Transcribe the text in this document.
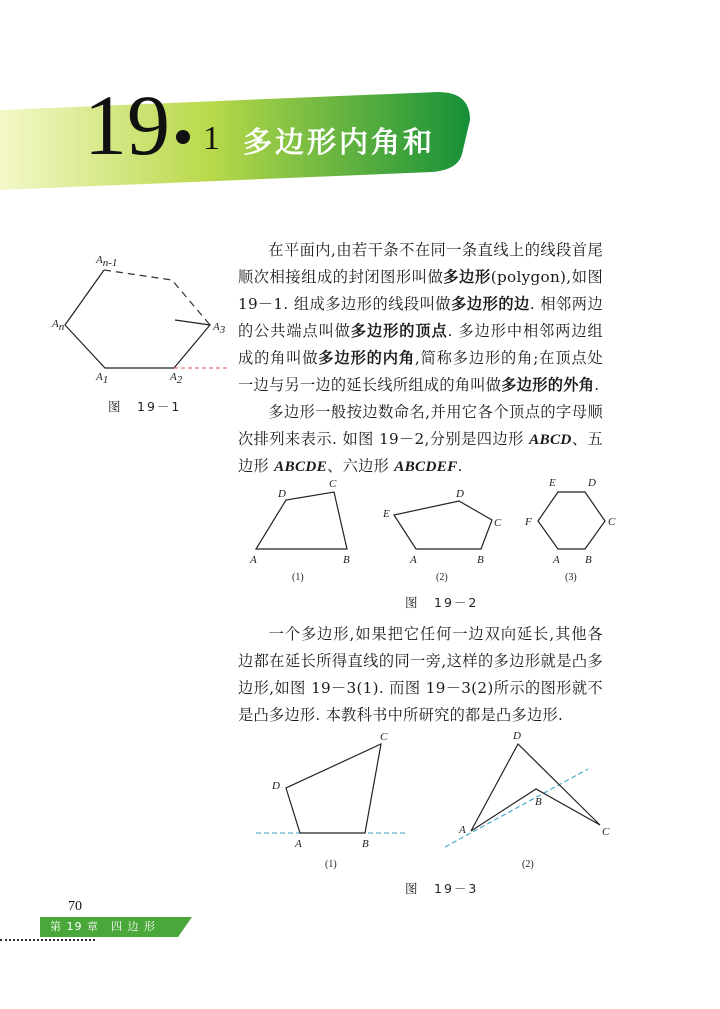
19 1 多边形内角和
A1	A2
A3
An-1
An
图　19－1
在平面内,由若干条不在同一条直线上的线段首尾顺次相接组成的封闭图形叫做多边形(polygon),如图 19－1. 组成多边形的线段叫做多边形的边. 相邻两边的公共端点叫做多边形的顶点. 多边形中相邻两边组成的角叫做多边形的内角,简称多边形的角;在顶点处一边与另一边的延长线所组成的角叫做多边形的外角.
多边形一般按边数命名,并用它各个顶点的字母顺次排列来表示. 如图 19－2,分别是四边形 ABCD、五边形 ABCDE、六边形 ABCDEF.
A	B
C
D
(1)
A	B
C
D
E
(2)
A B
C
D
E
F
(3)
图　19－2
一个多边形,如果把它任何一边双向延长,其他各边都在延长所得直线的同一旁,这样的多边形就是凸多边形,如图 19－3(1). 而图 19－3(2)所示的图形就不是凸多边形. 本教科书中所研究的都是凸多边形.
A	B
C
D
(1)
A
B
C
D
(2)
图　19－3
70
第 19 章　四 边 形
